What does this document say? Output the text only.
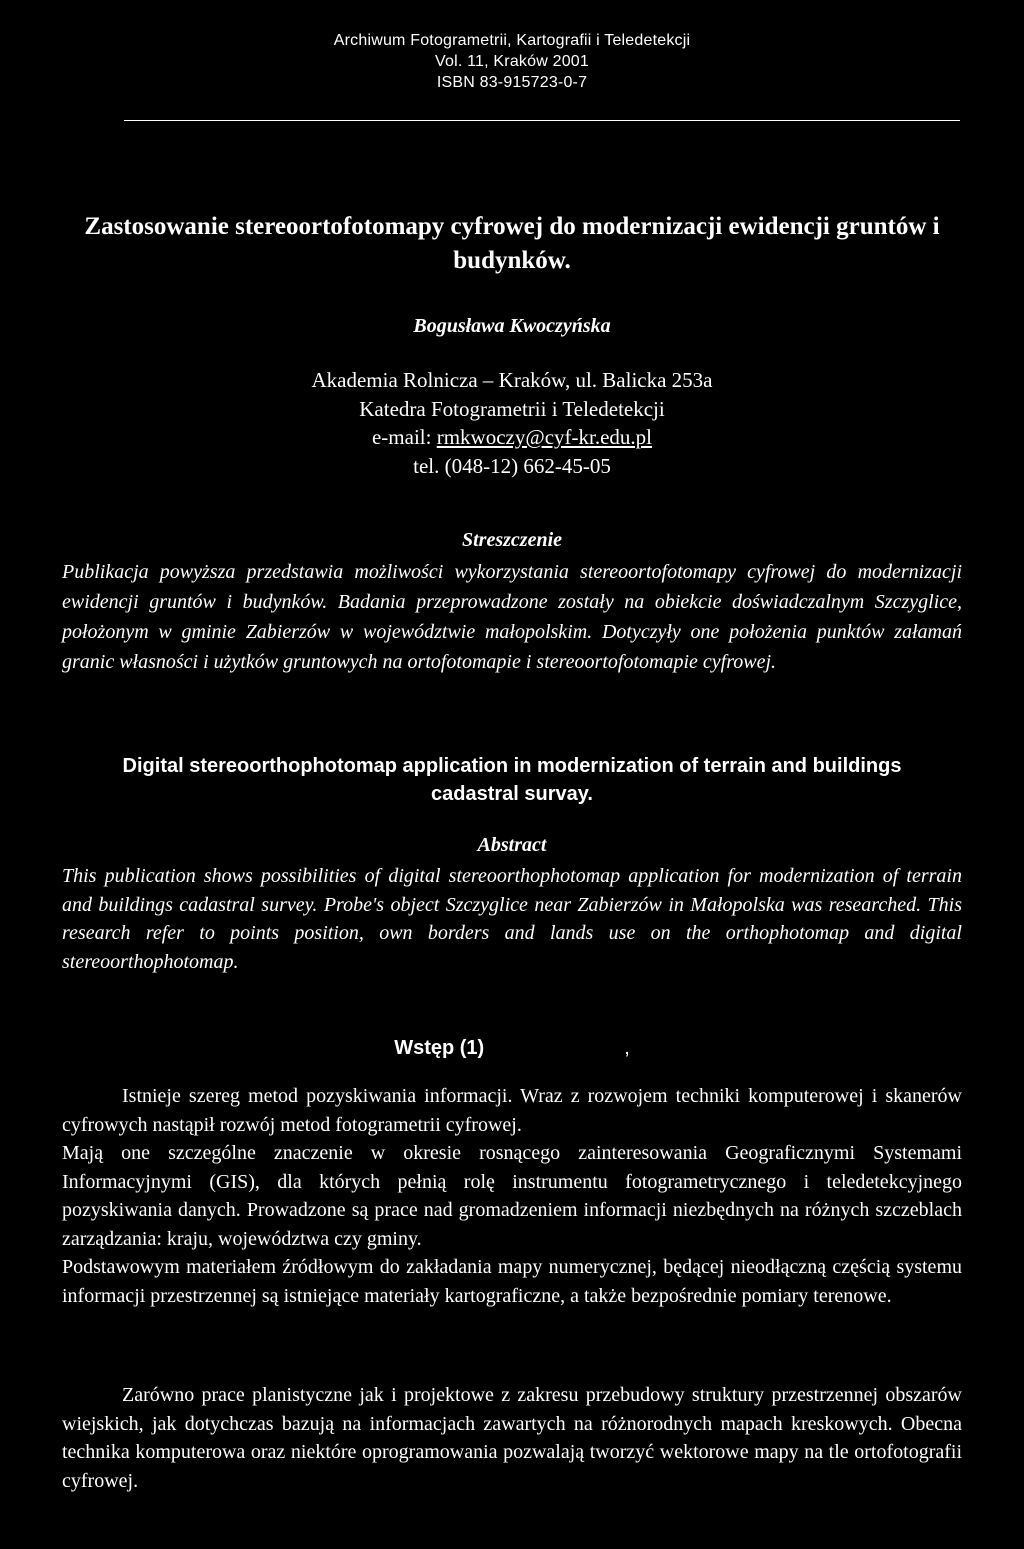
Archiwum Fotogrametrii, Kartografii i Teledetekcji
Vol. 11, Kraków 2001
ISBN 83-915723-0-7
Zastosowanie stereoortofotomapy cyfrowej do modernizacji ewidencji gruntów i budynków.
Bogusława Kwoczyńska
Akademia Rolnicza – Kraków, ul. Balicka 253a
Katedra Fotogrametrii i Teledetekcji
e-mail: rmkwoczy@cyf-kr.edu.pl
tel. (048-12) 662-45-05
Streszczenie
Publikacja powyższa przedstawia możliwości wykorzystania stereoortofotomapy cyfrowej do modernizacji ewidencji gruntów i budynków. Badania przeprowadzone zostały na obiekcie doświadczalnym Szczyglice, położonym w gminie Zabierzów w województwie małopolskim. Dotyczyły one położenia punktów załamań granic własności i użytków gruntowych na ortofotomapie i stereoortofotomapie cyfrowej.
Digital stereoorthophotomap application in modernization of terrain and buildings cadastral survay.
Abstract
This publication shows possibilities of digital stereoorthophotomap application for modernization of terrain and buildings cadastral survey. Probe's object Szczyglice near Zabierzów in Małopolska was researched. This research refer to points position, own borders and lands use on the orthophotomap and digital stereoorthophotomap.
Wstęp (1)	,

Istnieje szereg metod pozyskiwania informacji. Wraz z rozwojem techniki komputerowej i skanerów cyfrowych nastąpił rozwój metod fotogrametrii cyfrowej.

Mają one szczególne znaczenie w okresie rosnącego zainteresowania Geograficznymi Systemami Informacyjnymi (GIS), dla których pełnią rolę instrumentu fotogrametrycznego i teledetekcyjnego pozyskiwania danych. Prowadzone są prace nad gromadzeniem informacji niezbędnych na różnych szczeblach zarządzania: kraju, województwa czy gminy.

Podstawowym materiałem źródłowym do zakładania mapy numerycznej, będącej nieodłączną częścią systemu informacji przestrzennej są istniejące materiały kartograficzne, a także bezpośrednie pomiary terenowe.

Zarówno prace planistyczne jak i projektowe z zakresu przebudowy struktury przestrzennej obszarów wiejskich, jak dotychczas bazują na informacjach zawartych na różnorodnych mapach kreskowych. Obecna technika komputerowa oraz niektóre oprogramowania pozwalają tworzyć wektorowe mapy na tle ortofotografii cyfrowej.
